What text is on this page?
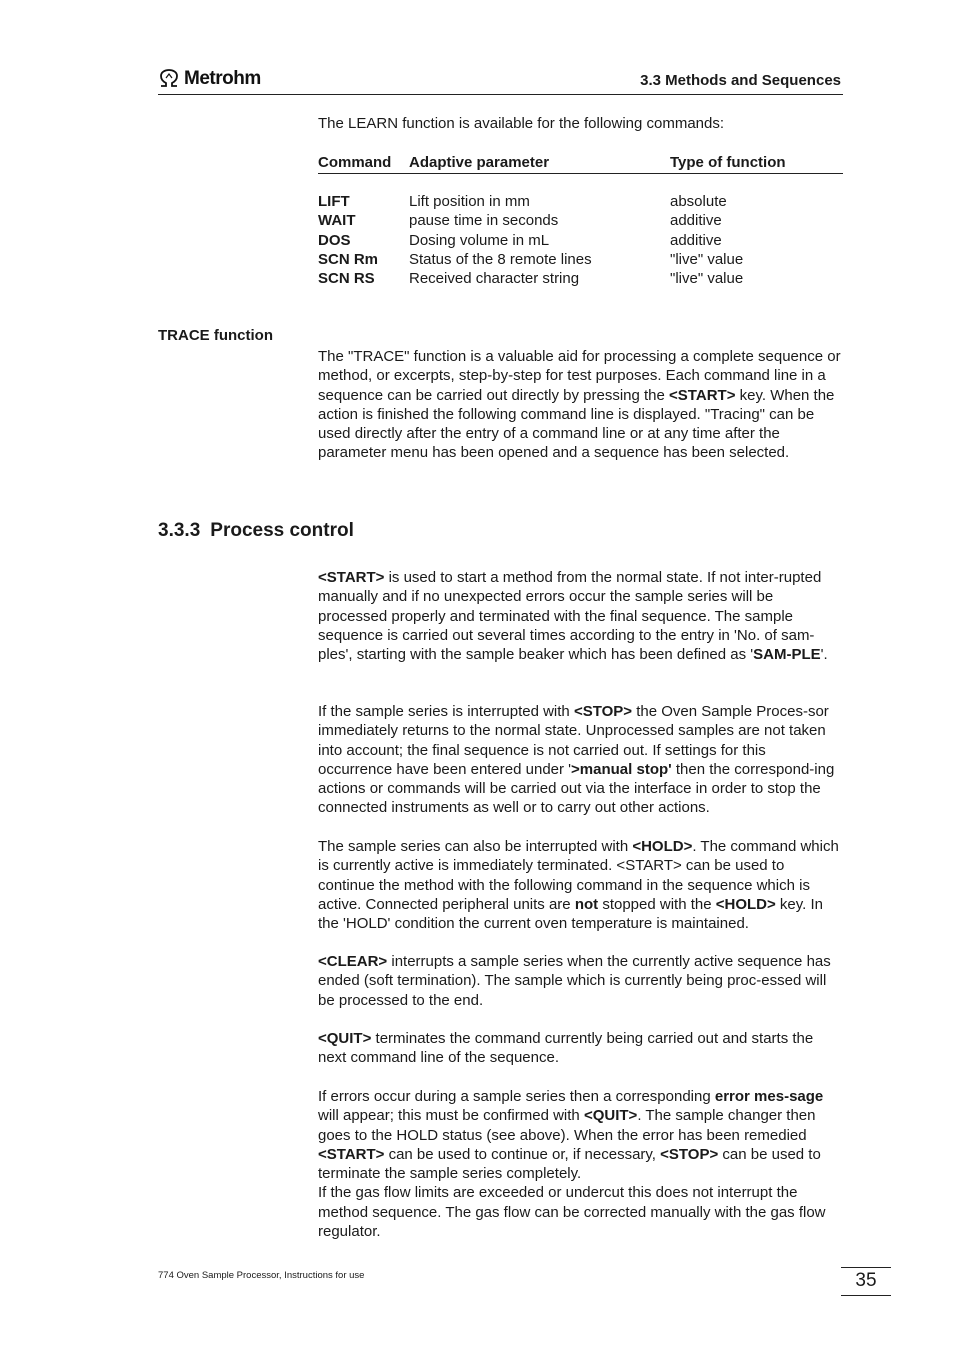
Metrohm	3.3 Methods and Sequences
The LEARN function is available for the following commands:
Command	Adaptive parameter	Type of function

LIFT	Lift position in mm	absolute
WAIT	pause time in seconds	additive
DOS	Dosing volume in mL	additive
SCN Rm	Status of the 8 remote lines	"live" value
SCN RS	Received character string	"live" value
TRACE function
The "TRACE" function is a valuable aid for processing a complete sequence or method, or excerpts, step-by-step for test purposes. Each command line in a sequence can be carried out directly by pressing the <START> key. When the action is finished the following command line is displayed. "Tracing" can be used directly after the entry of a command line or at any time after the parameter menu has been opened and a sequence has been selected.
3.3.3 Process control
<START> is used to start a method from the normal state. If not inter-rupted manually and if no unexpected errors occur the sample series will be processed properly and terminated with the final sequence. The sample sequence is carried out several times according to the entry in 'No. of sam-ples', starting with the sample beaker which has been defined as 'SAM-PLE'.
If the sample series is interrupted with <STOP> the Oven Sample Proces-sor immediately returns to the normal state. Unprocessed samples are not taken into account; the final sequence is not carried out. If settings for this occurrence have been entered under '>manual stop' then the correspond-ing actions or commands will be carried out via the interface in order to stop the connected instruments as well or to carry out other actions.
The sample series can also be interrupted with <HOLD>. The command which is currently active is immediately terminated. <START> can be used to continue the method with the following command in the sequence which is active. Connected peripheral units are not stopped with the <HOLD> key. In the 'HOLD' condition the current oven temperature is maintained.
<CLEAR> interrupts a sample series when the currently active sequence has ended (soft termination). The sample which is currently being proc-essed will be processed to the end.
<QUIT> terminates the command currently being carried out and starts the next command line of the sequence.
If errors occur during a sample series then a corresponding error mes-sage will appear; this must be confirmed with <QUIT>. The sample changer then goes to the HOLD status (see above). When the error has been remedied <START> can be used to continue or, if necessary, <STOP> can be used to terminate the sample series completely.
If the gas flow limits are exceeded or undercut this does not interrupt the method sequence. The gas flow can be corrected manually with the gas flow regulator.
774 Oven Sample Processor, Instructions for use	35
